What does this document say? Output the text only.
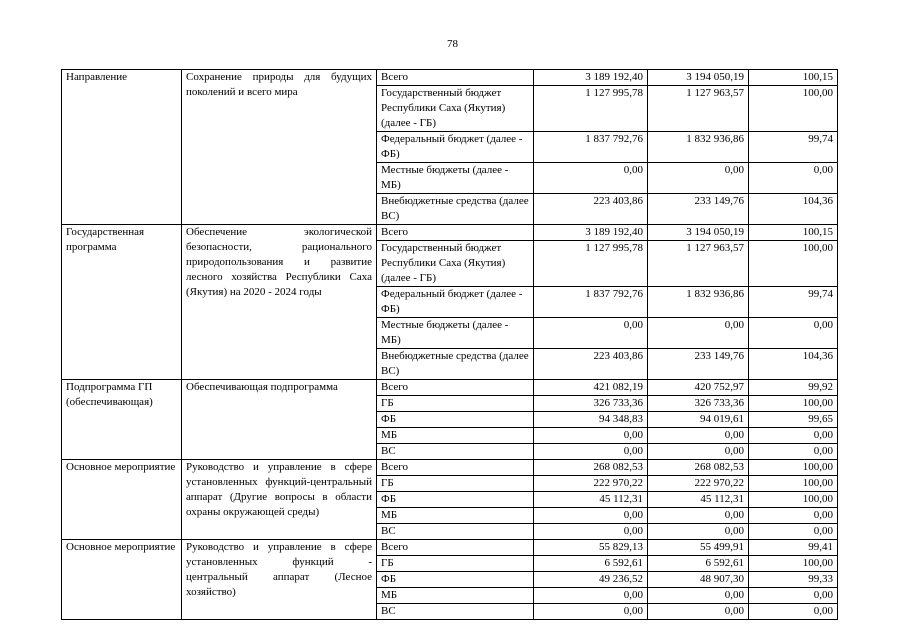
78
Направление	Сохранение природы для будущих поколений и всего мира	Всего	3 189 192,40	3 194 050,19	100,15
		Государственный бюджет Республики Саха (Якутия) (далее - ГБ)	1 127 995,78	1 127 963,57	100,00
		Федеральный бюджет (далее - ФБ)	1 837 792,76	1 832 936,86	99,74
		Местные бюджеты (далее - МБ)	0,00	0,00	0,00
		Внебюджетные средства (далее ВС)	223 403,86	233 149,76	104,36
Государственная программа	Обеспечение экологической безопасности, рационального природопользования и развитие лесного хозяйства Республики Саха (Якутия) на 2020 - 2024 годы	Всего	3 189 192,40	3 194 050,19	100,15
		Государственный бюджет Республики Саха (Якутия) (далее - ГБ)	1 127 995,78	1 127 963,57	100,00
		Федеральный бюджет (далее - ФБ)	1 837 792,76	1 832 936,86	99,74
		Местные бюджеты (далее - МБ)	0,00	0,00	0,00
		Внебюджетные средства (далее ВС)	223 403,86	233 149,76	104,36
Подпрограмма ГП (обеспечивающая)	Обеспечивающая подпрограмма	Всего	421 082,19	420 752,97	99,92
		ГБ	326 733,36	326 733,36	100,00
		ФБ	94 348,83	94 019,61	99,65
		МБ	0,00	0,00	0,00
		ВС	0,00	0,00	0,00
Основное мероприятие	Руководство и управление в сфере установленных функций-центральный аппарат (Другие вопросы в области охраны окружающей среды)	Всего	268 082,53	268 082,53	100,00
		ГБ	222 970,22	222 970,22	100,00
		ФБ	45 112,31	45 112,31	100,00
		МБ	0,00	0,00	0,00
		ВС	0,00	0,00	0,00
Основное мероприятие	Руководство и управление в сфере установленных функций - центральный аппарат (Лесное хозяйство)	Всего	55 829,13	55 499,91	99,41
		ГБ	6 592,61	6 592,61	100,00
		ФБ	49 236,52	48 907,30	99,33
		МБ	0,00	0,00	0,00
		ВС	0,00	0,00	0,00
